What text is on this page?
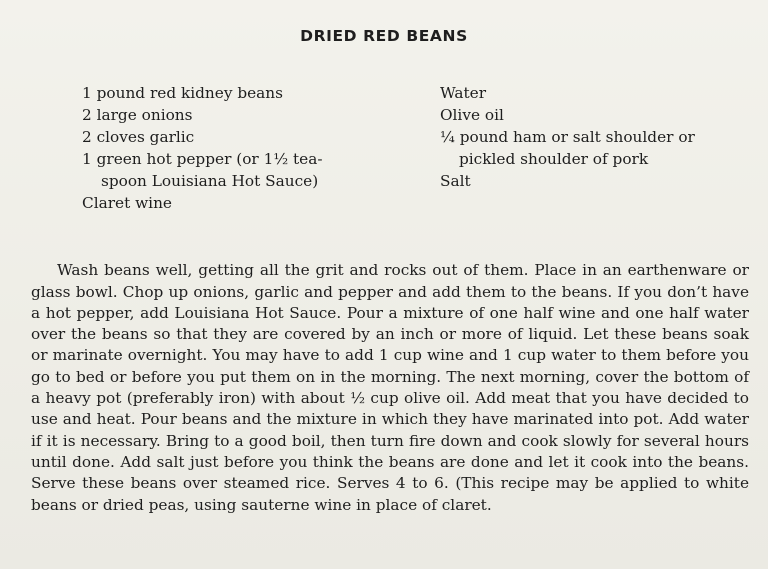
DRIED RED BEANS
1 pound red kidney beans
2 large onions
2 cloves garlic
1 green hot pepper (or 1½ tea-
spoon Louisiana Hot Sauce)
Claret wine
Water
Olive oil
¼ pound ham or salt shoulder or
pickled shoulder of pork
Salt

Wash beans well, getting all the grit and rocks out of them. Place in an earthenware or glass bowl. Chop up onions, garlic and pepper and add them to the beans. If you don’t have a hot pepper, add Louisiana Hot Sauce. Pour a mixture of one half wine and one half water over the beans so that they are covered by an inch or more of liquid. Let these beans soak or marinate overnight. You may have to add 1 cup wine and 1 cup water to them before you go to bed or before you put them on in the morning. The next morning, cover the bottom of a heavy pot (preferably iron) with about ½ cup olive oil. Add meat that you have decided to use and heat. Pour beans and the mixture in which they have marinated into pot. Add water if it is necessary. Bring to a good boil, then turn fire down and cook slowly for several hours until done. Add salt just before you think the beans are done and let it cook into the beans. Serve these beans over steamed rice. Serves 4 to 6. (This recipe may be applied to white beans or dried peas, using sauterne wine in place of claret.
